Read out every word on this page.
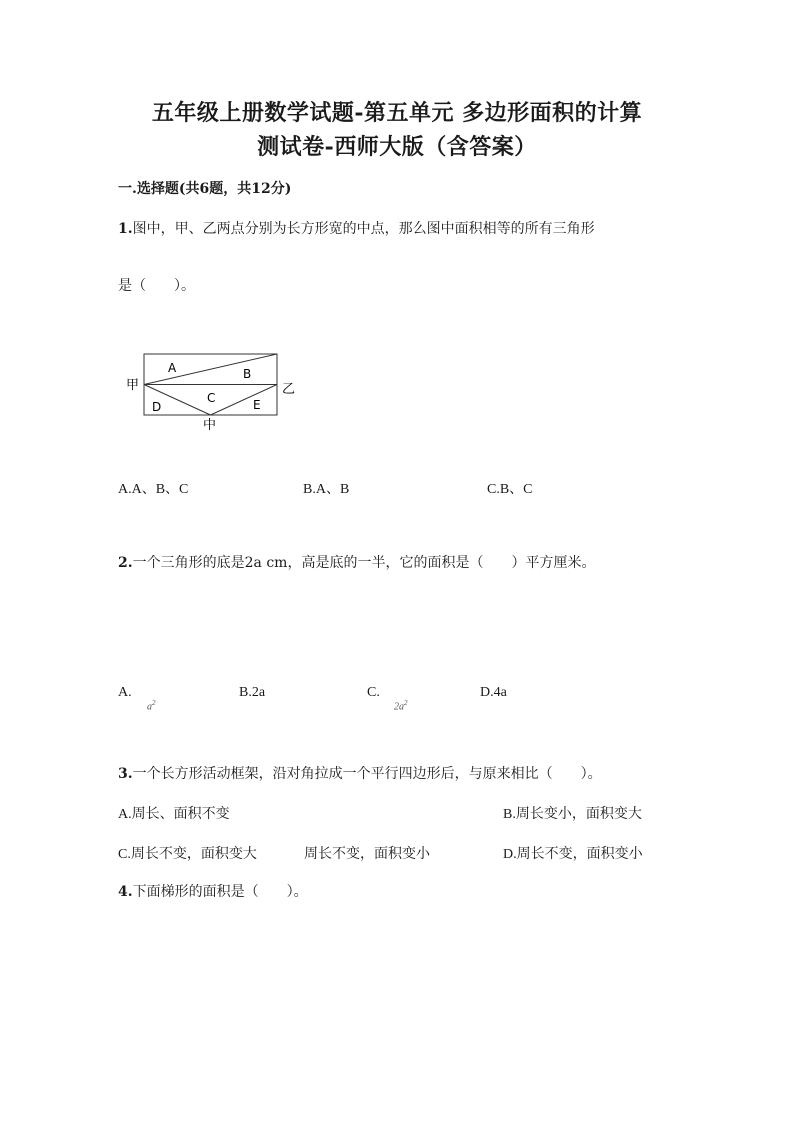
五年级上册数学试题-第五单元 多边形面积的计算
测试卷-西师大版（含答案）
一.选择题(共6题，共12分)
1.图中，甲、乙两点分别为长方形宽的中点，那么图中面积相等的所有三角形
是（　　）。
甲	乙
中
A	B
C
D	E
A.A、B、C	B.A、B	C.B、C
2.一个三角形的底是2a cm，高是底的一半，它的面积是（　　）平方厘米。
A.
$a^2$
B.2a	C.
$2a^2$
D.4a
3.一个长方形活动框架，沿对角拉成一个平行四边形后，与原来相比（　　）。
A.周长、面积不变	B.周长变小，面积变大
C.周长不变，面积变大	周长不变，面积变小	D.周长不变，面积变小
4.下面梯形的面积是（　　）。
